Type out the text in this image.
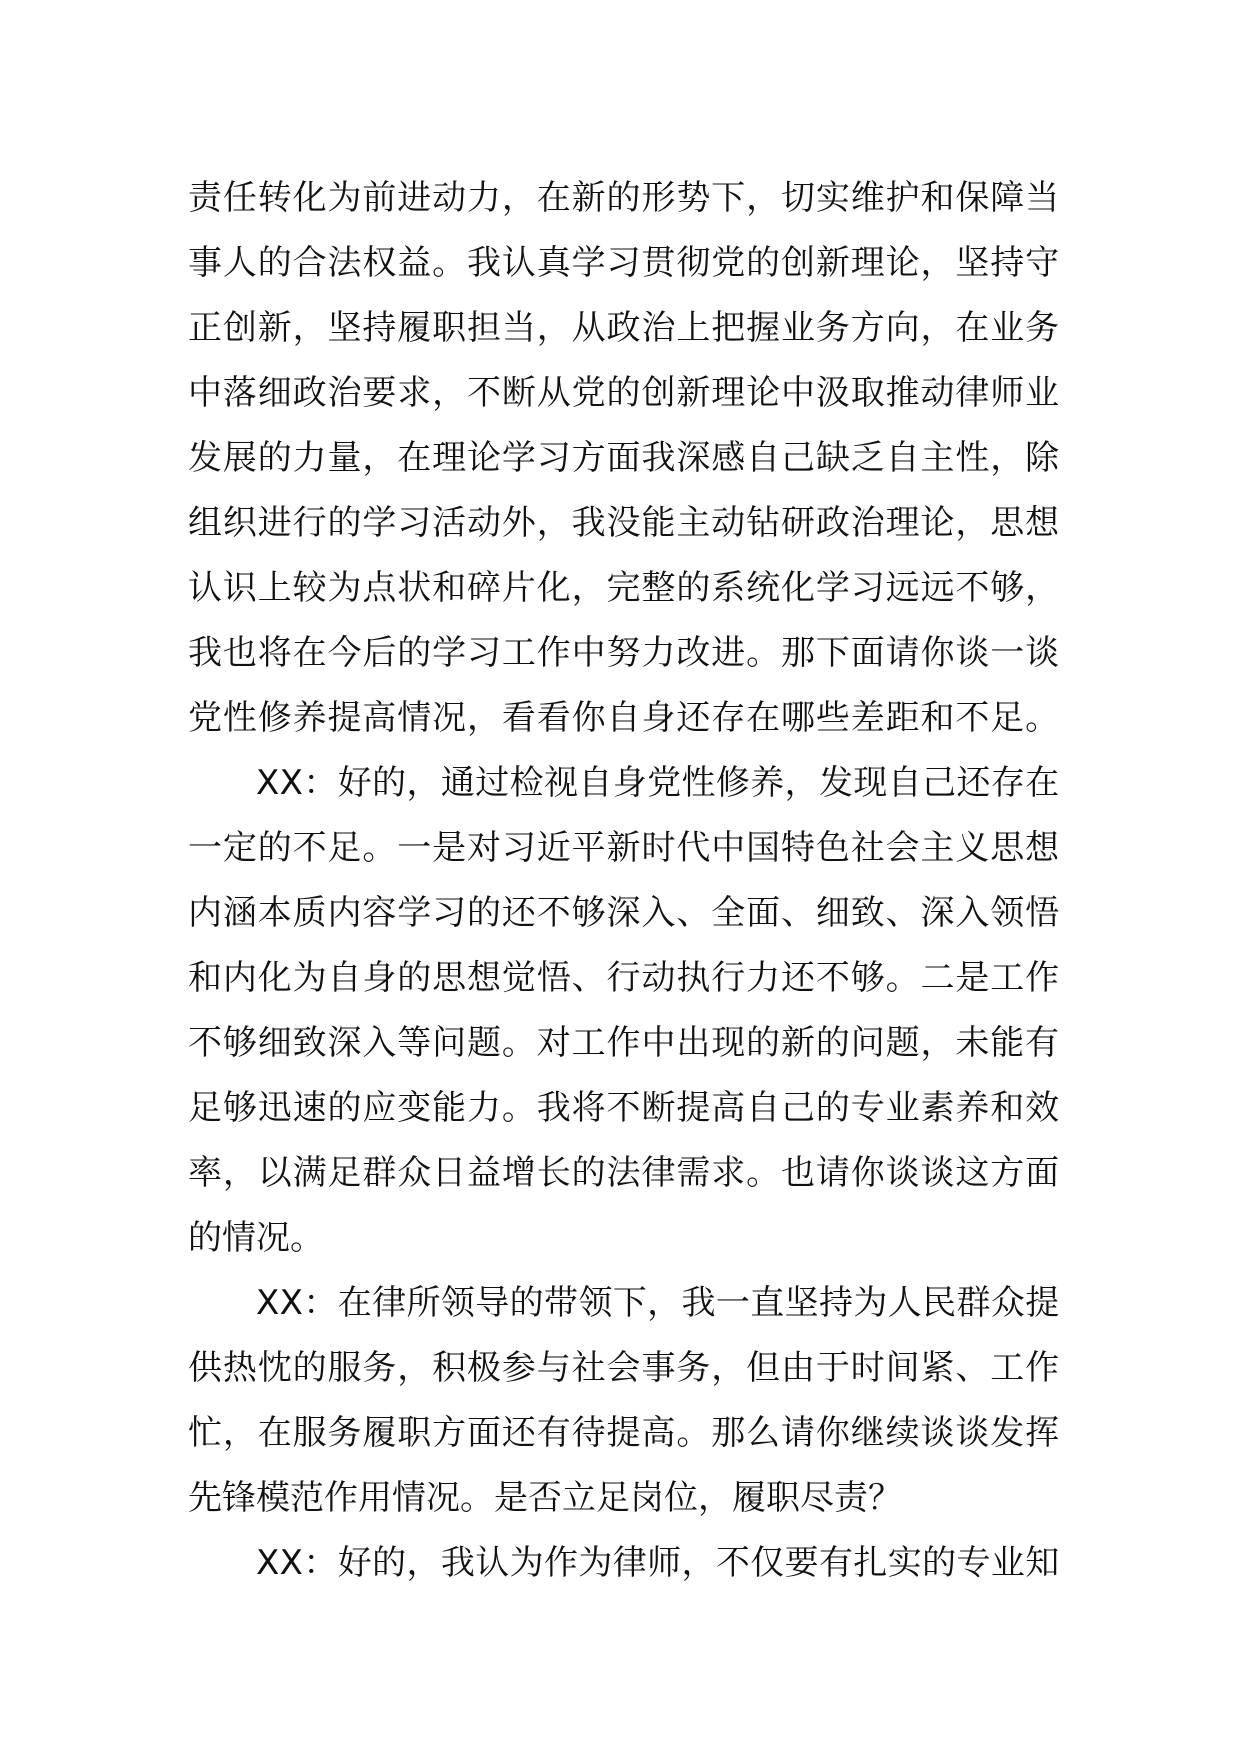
责任转化为前进动力，在新的形势下，切实维护和保障当
事人的合法权益。我认真学习贯彻党的创新理论，坚持守
正创新，坚持履职担当，从政治上把握业务方向，在业务
中落细政治要求，不断从党的创新理论中汲取推动律师业
发展的力量，在理论学习方面我深感自己缺乏自主性，除
组织进行的学习活动外，我没能主动钻研政治理论，思想
认识上较为点状和碎片化，完整的系统化学习远远不够，
我也将在今后的学习工作中努力改进。那下面请你谈一谈
党性修养提高情况，看看你自身还存在哪些差距和不足。
XX：好的，通过检视自身党性修养，发现自己还存在
一定的不足。一是对习近平新时代中国特色社会主义思想
内涵本质内容学习的还不够深入、全面、细致、深入领悟
和内化为自身的思想觉悟、行动执行力还不够。二是工作
不够细致深入等问题。对工作中出现的新的问题，未能有
足够迅速的应变能力。我将不断提高自己的专业素养和效
率，以满足群众日益增长的法律需求。也请你谈谈这方面
的情况。
XX：在律所领导的带领下，我一直坚持为人民群众提
供热忱的服务，积极参与社会事务，但由于时间紧、工作
忙，在服务履职方面还有待提高。那么请你继续谈谈发挥
先锋模范作用情况。是否立足岗位，履职尽责？
XX：好的，我认为作为律师，不仅要有扎实的专业知
